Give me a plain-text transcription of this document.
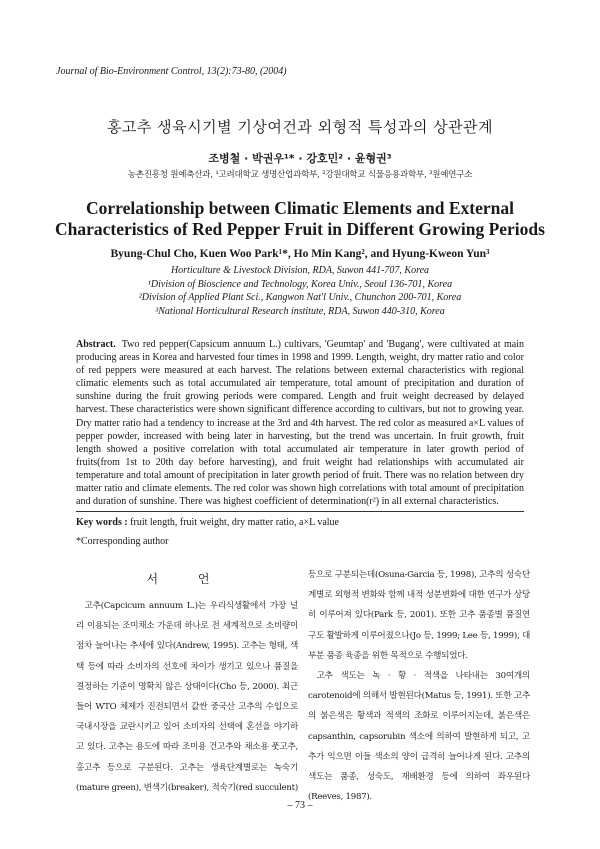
Journal of Bio-Environment Control, 13(2):73-80, (2004)
홍고추 생육시기별 기상여건과 외형적 특성과의 상관관계
조병철 · 박권우¹* · 강호민² · 윤형권³
농촌진흥청 원예축산과, ¹고려대학교 생명산업과학부, ²강원대학교 식물응용과학부, ³원예연구소
Correlationship between Climatic Elements and External Characteristics of Red Pepper Fruit in Different Growing Periods
Byung-Chul Cho, Kuen Woo Park¹*, Ho Min Kang², and Hyung-Kweon Yun³
Horticulture & Livestock Division, RDA, Suwon 441-707, Korea
¹Division of Bioscience and Technology, Korea Univ., Seoul 136-701, Korea
²Division of Applied Plant Sci., Kangwon Nat'l Univ., Chunchon 200-701, Korea
³National Horticultural Research institute, RDA, Suwon 440-310, Korea
Abstract. Two red pepper(Capsicum annuum L.) cultivars, 'Geumtap' and 'Bugang', were cultivated at main producing areas in Korea and harvested four times in 1998 and 1999. Length, weight, dry matter ratio and color of red peppers were measured at each harvest. The relations between external characteristics with regional climatic elements such as total accumulated air temperature, total amount of precipitation and duration of sunshine during the fruit growing periods were compared. Length and fruit weight decreased by delayed harvest. These characteristics were shown significant difference according to cultivars, but not to growing year. Dry matter ratio had a tendency to increase at the 3rd and 4th harvest. The red color as measured a×L values of pepper powder, increased with being later in harvesting, but the trend was uncertain. In fruit growth, fruit length showed a positive correlation with total accumulated air temperature in later growth period of fruits(from 1st to 20th day before harvesting), and fruit weight had relationships with accumulated air temperature and total amount of precipitation in later growth period of fruit. There was no relation between dry matter ratio and climate elements. The red color was shown high correlations with total amount of precipitation and duration of sunshine. There was highest coefficient of determination(r²) in all external characteristics.
Key words : fruit length, fruit weight, dry matter ratio, a×L value
*Corresponding author
서 언

고추(Capcicum annuum L.)는 우리식생활에서 가장 널리 이용되는 조미채소 가운데 하나로 전 세계적으로 소비량이 점차 늘어나는 추세에 있다(Andrew, 1995). 고추는 형태, 색택 등에 따라 소비자의 선호에 차이가 생기고 있으나 품질을 결정하는 기준이 명확치 않은 상태이다(Cho 등, 2000). 최근 들어 WTO 체제가 진전되면서 값싼 중국산 고추의 수입으로 국내시장을 교란시키고 있어 소비자의 선택에 혼선을 야기하고 있다. 고추는 용도에 따라 조미용 건고추와 채소용 풋고추, 홍고추 등으로 구분된다. 고추는 생육단계별로는 녹숙기(mature green), 변색기(breaker), 적숙기(red succulent)

등으로 구분되는데(Osuna-Garcia 등, 1998), 고추의 성숙단계별로 외형적 변화와 함께 내적 성분변화에 대한 연구가 상당히 이루어져 있다(Park 등, 2001). 또한 고추 품종별 품질연구도 활발하게 이루어졌으나(Jo 등, 1999; Lee 등, 1999), 대부분 품종 육종을 위한 목적으로 수행되었다.

고추 색도는 녹 · 황 · 적색을 나타내는 30여개의 carotenoid에 의해서 발현된다(Matus 등, 1991). 또한 고추의 붉은색은 황색과 적색의 조화로 이루어지는데, 붉은색은 capsanthin, capsorubin 색소에 의하여 발현하게 되고, 고추가 익으면 이들 색소의 양이 급격히 늘어나게 된다. 고추의 색도는 품종, 성숙도, 재배환경 등에 의하여 좌우된다(Reeves, 1987).

– 73 –
